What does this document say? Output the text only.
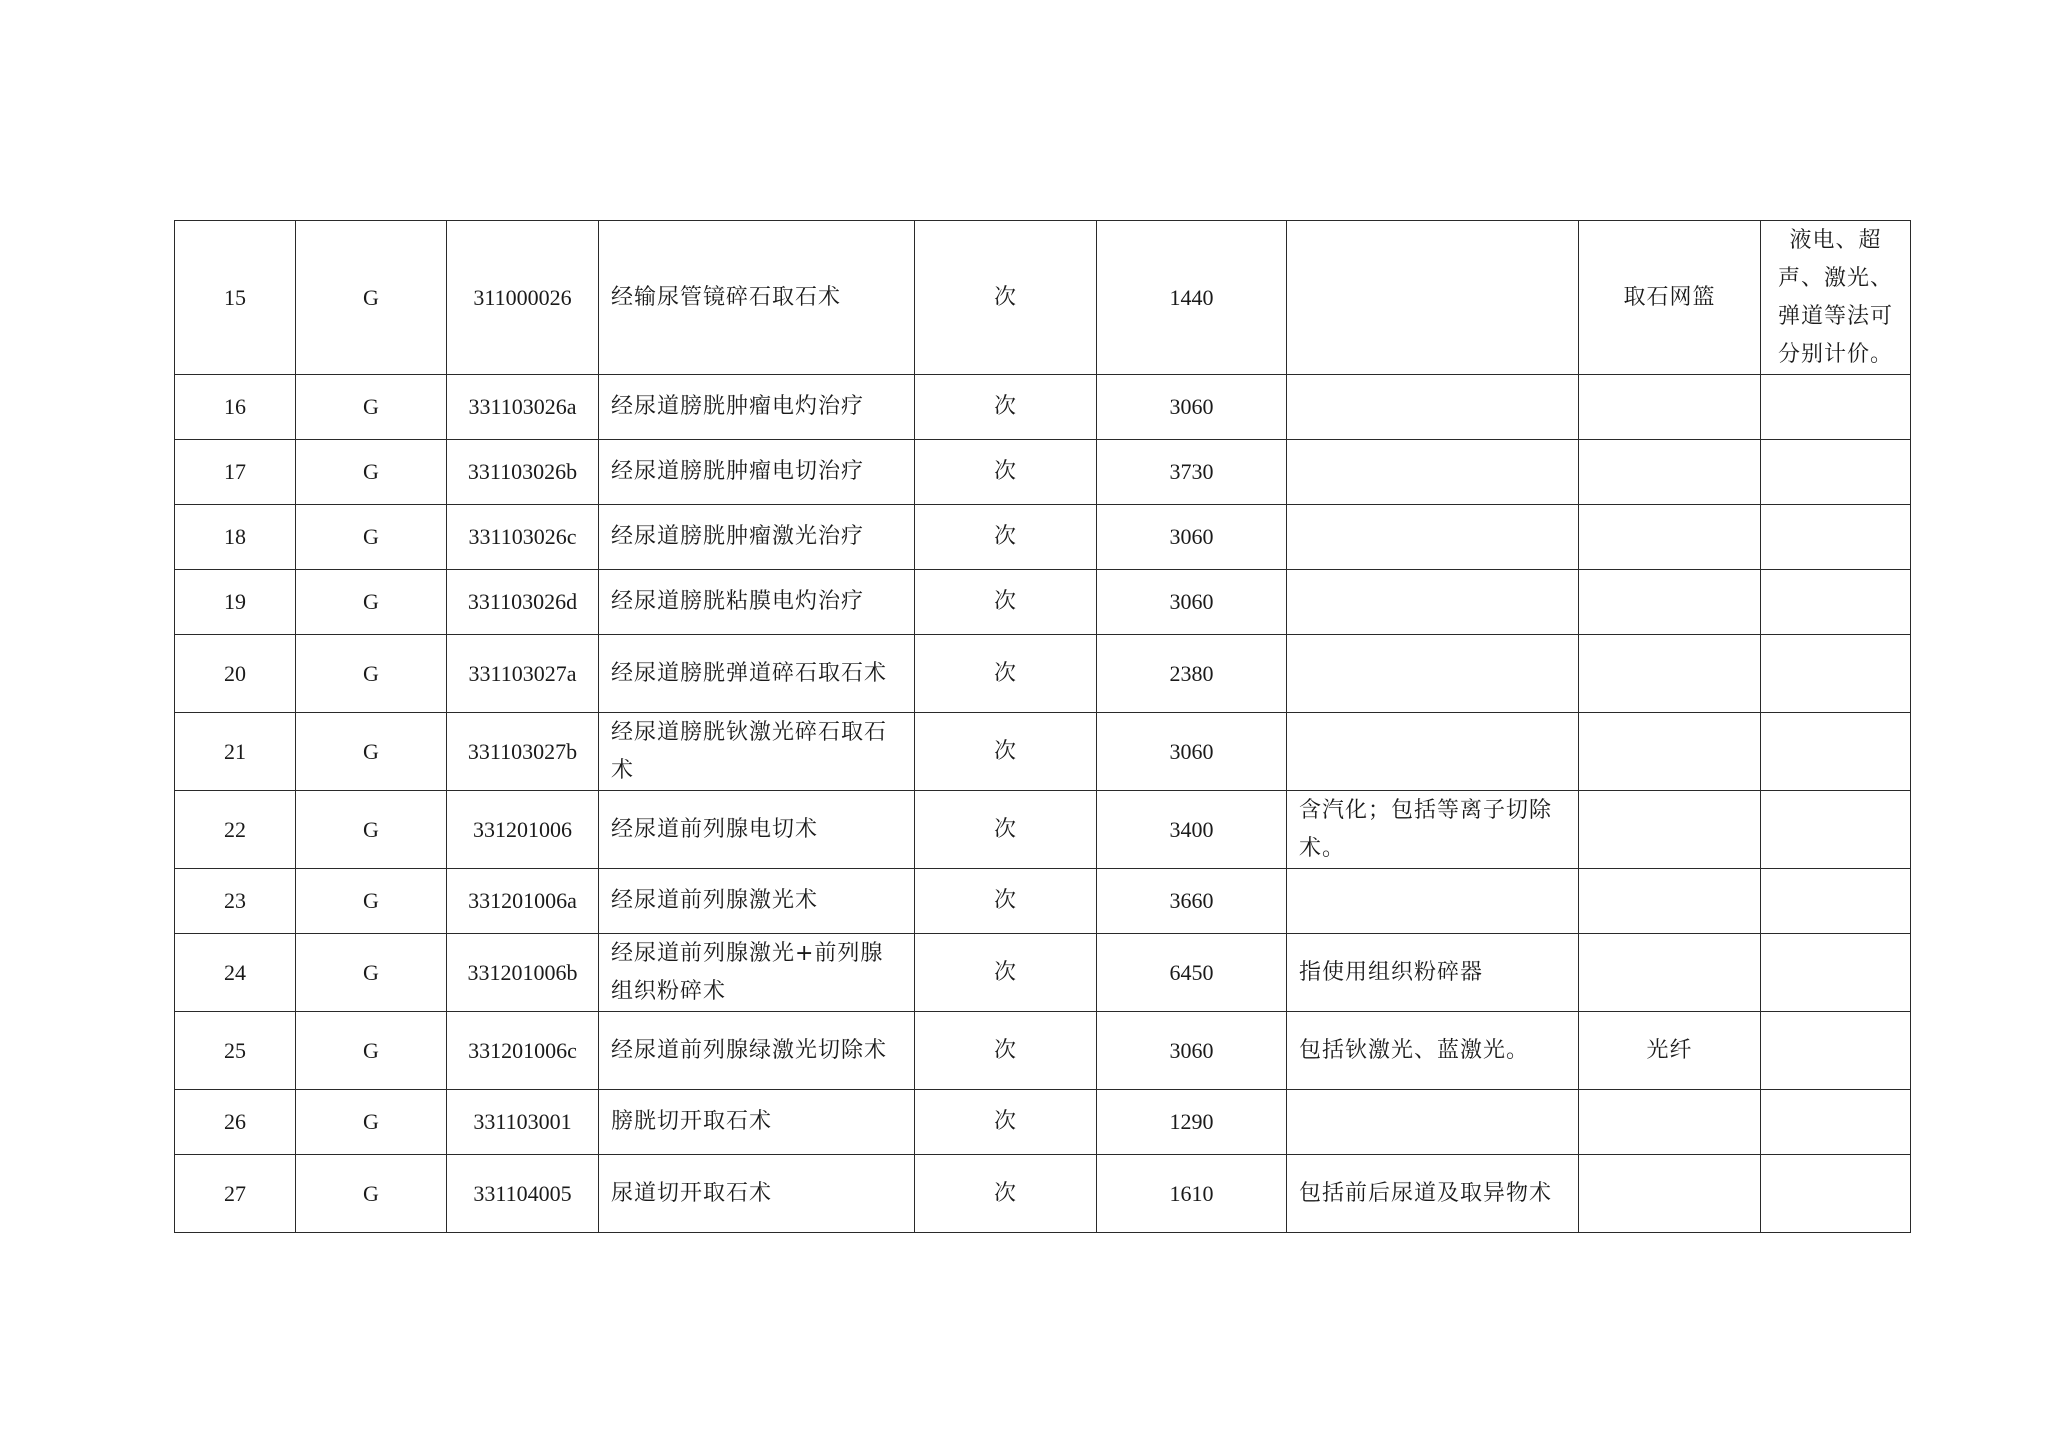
15	G	311000026	经输尿管镜碎石取石术	次	1440		取石网篮	液电、超声、激光、弹道等法可分别计价。
16	G	331103026a	经尿道膀胱肿瘤电灼治疗	次	3060			
17	G	331103026b	经尿道膀胱肿瘤电切治疗	次	3730			
18	G	331103026c	经尿道膀胱肿瘤激光治疗	次	3060			
19	G	331103026d	经尿道膀胱粘膜电灼治疗	次	3060			
20	G	331103027a	经尿道膀胱弹道碎石取石术	次	2380			
21	G	331103027b	经尿道膀胱钬激光碎石取石术	次	3060			
22	G	331201006	经尿道前列腺电切术	次	3400	含汽化；包括等离子切除术。		
23	G	331201006a	经尿道前列腺激光术	次	3660			
24	G	331201006b	经尿道前列腺激光+前列腺组织粉碎术	次	6450	指使用组织粉碎器		
25	G	331201006c	经尿道前列腺绿激光切除术	次	3060	包括钬激光、蓝激光。	光纤	
26	G	331103001	膀胱切开取石术	次	1290			
27	G	331104005	尿道切开取石术	次	1610	包括前后尿道及取异物术		
